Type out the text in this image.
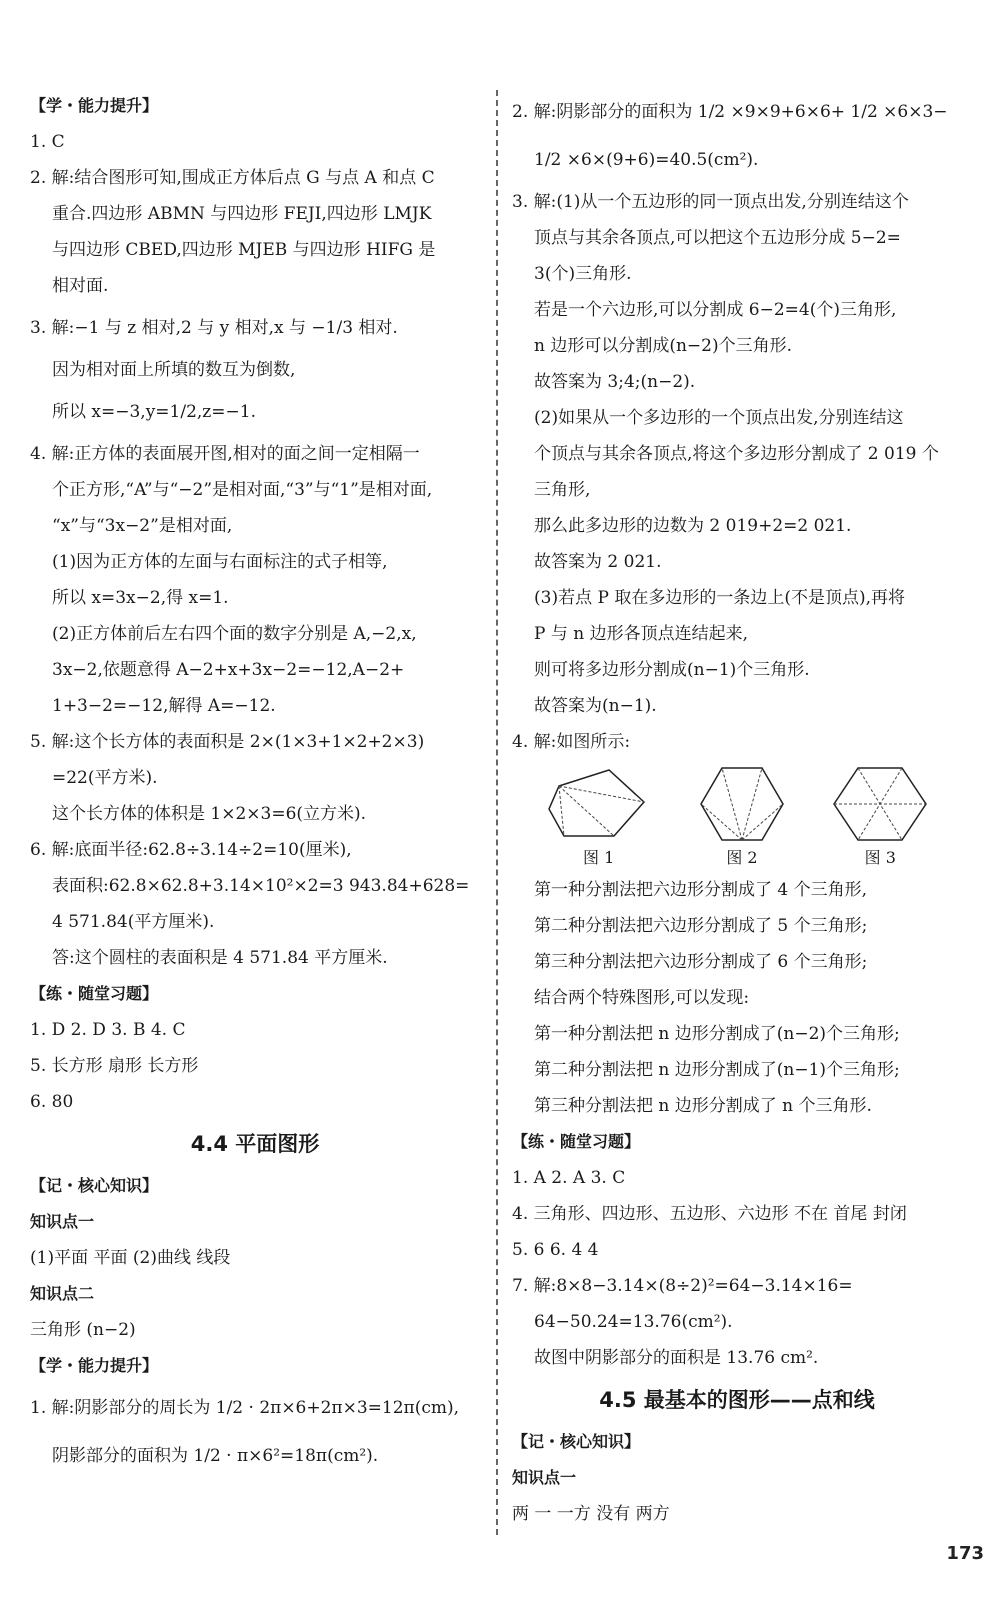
【学・能力提升】
1. C
2. 解:结合图形可知,围成正方体后点 G 与点 A 和点 C
重合.四边形 ABMN 与四边形 FEJI,四边形 LMJK
与四边形 CBED,四边形 MJEB 与四边形 HIFG 是
相对面.
3. 解:−1 与 z 相对,2 与 y 相对,x 与 −1/3 相对.
因为相对面上所填的数互为倒数,
所以 x=−3,y=1/2,z=−1.
4. 解:正方体的表面展开图,相对的面之间一定相隔一
个正方形,“A”与“−2”是相对面,“3”与“1”是相对面,
“x”与“3x−2”是相对面,
(1)因为正方体的左面与右面标注的式子相等,
所以 x=3x−2,得 x=1.
(2)正方体前后左右四个面的数字分别是 A,−2,x,
3x−2,依题意得 A−2+x+3x−2=−12,A−2+
1+3−2=−12,解得 A=−12.
5. 解:这个长方体的表面积是 2×(1×3+1×2+2×3)
=22(平方米).
这个长方体的体积是 1×2×3=6(立方米).
6. 解:底面半径:62.8÷3.14÷2=10(厘米),
表面积:62.8×62.8+3.14×10²×2=3 943.84+628=
4 571.84(平方厘米).
答:这个圆柱的表面积是 4 571.84 平方厘米.
【练・随堂习题】
1. D 2. D 3. B 4. C
5. 长方形 扇形 长方形
6. 80
4.4 平面图形
【记・核心知识】
知识点一
(1)平面 平面 (2)曲线 线段
知识点二
三角形 (n−2)
【学・能力提升】
1. 解:阴影部分的周长为 1/2 · 2π×6+2π×3=12π(cm),
阴影部分的面积为 1/2 · π×6²=18π(cm²).
2. 解:阴影部分的面积为 1/2 ×9×9+6×6+ 1/2 ×6×3−
1/2 ×6×(9+6)=40.5(cm²).
3. 解:(1)从一个五边形的同一顶点出发,分别连结这个
顶点与其余各顶点,可以把这个五边形分成 5−2=
3(个)三角形.
若是一个六边形,可以分割成 6−2=4(个)三角形,
n 边形可以分割成(n−2)个三角形.
故答案为 3;4;(n−2).
(2)如果从一个多边形的一个顶点出发,分别连结这
个顶点与其余各顶点,将这个多边形分割成了 2 019 个
三角形,
那么此多边形的边数为 2 019+2=2 021.
故答案为 2 021.
(3)若点 P 取在多边形的一条边上(不是顶点),再将
P 与 n 边形各顶点连结起来,
则可将多边形分割成(n−1)个三角形.
故答案为(n−1).
4. 解:如图所示:
图 1	图 2	图 3
第一种分割法把六边形分割成了 4 个三角形,
第二种分割法把六边形分割成了 5 个三角形;
第三种分割法把六边形分割成了 6 个三角形;
结合两个特殊图形,可以发现:
第一种分割法把 n 边形分割成了(n−2)个三角形;
第二种分割法把 n 边形分割成了(n−1)个三角形;
第三种分割法把 n 边形分割成了 n 个三角形.
【练・随堂习题】
1. A 2. A 3. C
4. 三角形、四边形、五边形、六边形 不在 首尾 封闭
5. 6 6. 4 4
7. 解:8×8−3.14×(8÷2)²=64−3.14×16=
64−50.24=13.76(cm²).
故图中阴影部分的面积是 13.76 cm².
4.5 最基本的图形——点和线
【记・核心知识】
知识点一
两 一 一方 没有 两方
173
